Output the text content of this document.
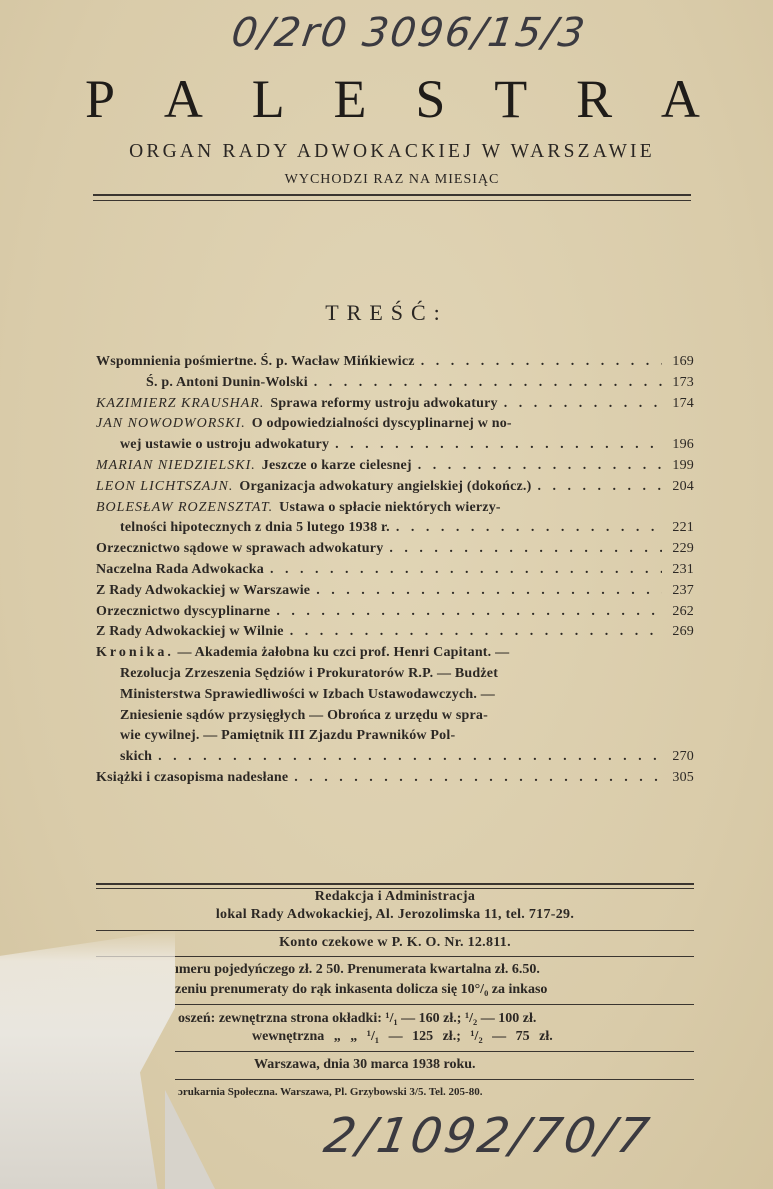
0/2r0 3096/15/3
P A L E S T R A
ORGAN RADY ADWOKACKIEJ W WARSZAWIE
WYCHODZI RAZ NA MIESIĄC
TREŚĆ:
Wspomnienia pośmiertne. Ś. p. Wacław Mińkiewicz . . .	169
Ś. p. Antoni Dunin-Wolski . . .	173
KAZIMIERZ KRAUSHAR. Sprawa reformy ustroju adwokatury . . .	174
JAN NOWODWORSKI. O odpowiedzialności dyscyplinarnej w no-
wej ustawie o ustroju adwokatury . . .	196
MARIAN NIEDZIELSKI. Jeszcze o karze cielesnej . . .	199
LEON LICHTSZAJN. Organizacja adwokatury angielskiej (dokończ.) . . .	204
BOLESŁAW ROZENSZTAT. Ustawa o spłacie niektórych wierzy-
telności hipotecznych z dnia 5 lutego 1938 r. . . .	221
Orzecznictwo sądowe w sprawach adwokatury . . .	229
Naczelna Rada Adwokacka . . .	231
Z Rady Adwokackiej w Warszawie . . .	237
Orzecznictwo dyscyplinarne . . .	262
Z Rady Adwokackiej w Wilnie . . .	269
Kronika. — Akademia żałobna ku czci prof. Henri Capitant. —
Rezolucja Zrzeszenia Sędziów i Prokuratorów R.P. — Budżet
Ministerstwa Sprawiedliwości w Izbach Ustawodawczych. —
Zniesienie sądów przysięgłych — Obrońca z urzędu w spra-
wie cywilnej. — Pamiętnik III Zjazdu Prawników Pol-
skich . . .	270
Książki i czasopisma nadesłane . . .	305
Redakcja i Administracja
lokal Rady Adwokackiej, Al. Jerozolimska 11, tel. 717-29.
Konto czekowe w P. K. O. Nr. 12.811.
ımeru pojedyńczego zł. 2 50. Prenumerata kwartalna zł. 6.50.
zeniu prenumeraty do rąk inkasenta dolicza się 10°/₀ za inkaso
oszeń: zewnętrzna strona okładki: ¹/₁ — 160 zł.; ¹/₂ — 100 zł.
wewnętrzna „ „ ¹/₁ — 125 zł.; ¹/₂ — 75 zł.
Warszawa, dnia 30 marca 1938 roku.
ɔrukarnia Społeczna. Warszawa, Pl. Grzybowski 3/5. Tel. 205-80.
2/1092/70/7
